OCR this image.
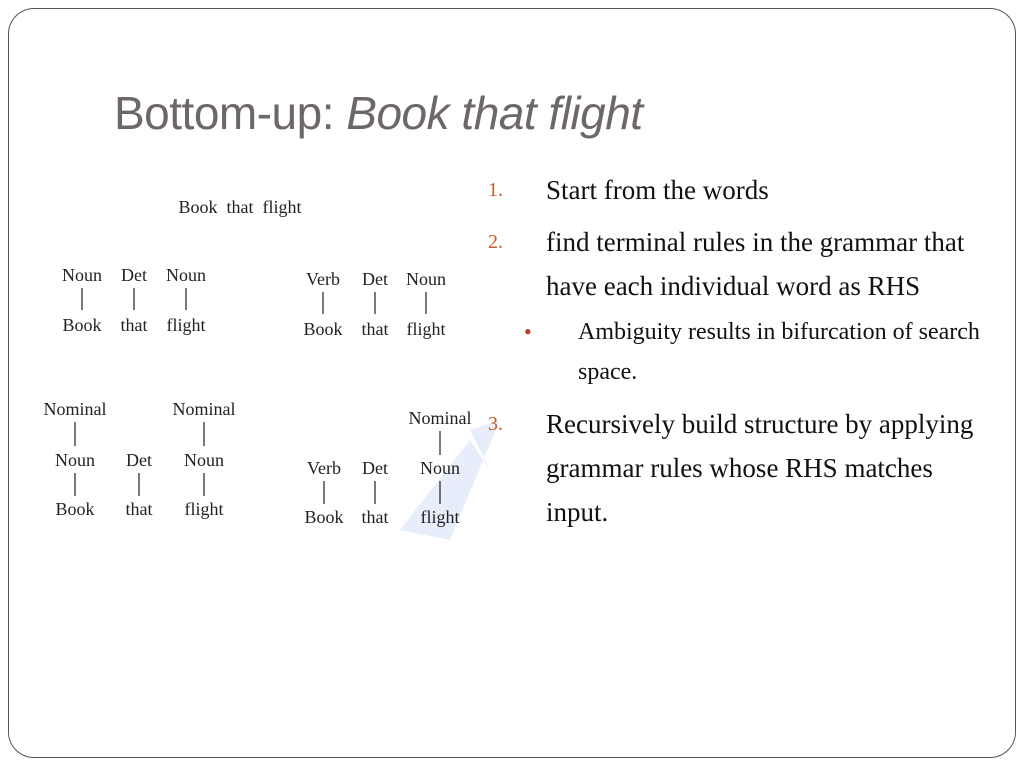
Bottom-up: Book that flight
Book  that  flight
Noun Det Noun
Book that flight
Verb Det Noun
Book that flight
Nominal	Nominal
Noun Det Noun
Book that flight
Nominal
Verb Det Noun
Book that flight
1.	Start from the words
2.	find terminal rules in the grammar that have each individual word as RHS
• Ambiguity results in bifurcation of search space.
3.	Recursively build structure by applying grammar rules whose RHS matches input.
